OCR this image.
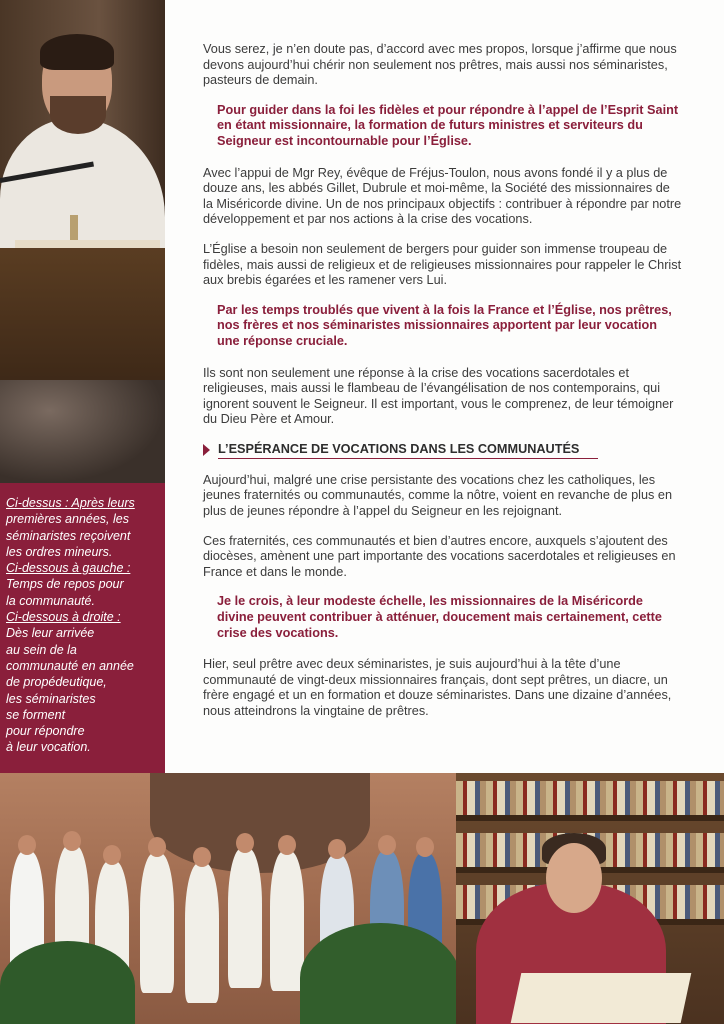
Ci-dessus : Après leurs
premières années, les
séminaristes reçoivent
les ordres mineurs.
Ci-dessous à gauche :
Temps de repos pour
la communauté.
Ci-dessous à droite :
Dès leur arrivée
au sein de la
communauté en année
de propédeutique,
les séminaristes
se forment
pour répondre
à leur vocation.

Vous serez, je n’en doute pas, d’accord avec mes propos, lorsque j’affirme que nous devons aujourd’hui chérir non seulement nos prêtres, mais aussi nos séminaristes, pasteurs de demain.

Pour guider dans la foi les fidèles et pour répondre à l’appel de l’Esprit Saint en étant missionnaire, la formation de futurs ministres et serviteurs du Seigneur est incontournable pour l’Église.

Avec l’appui de Mgr Rey, évêque de Fréjus-Toulon, nous avons fondé il y a plus de douze ans, les abbés Gillet, Dubrule et moi-même, la Société des missionnaires de la Miséricorde divine. Un de nos principaux objectifs : contribuer à répondre par notre développement et par nos actions à la crise des vocations.

L’Église a besoin non seulement de bergers pour guider son immense troupeau de fidèles, mais aussi de religieux et de religieuses missionnaires pour rappeler le Christ aux brebis égarées et les ramener vers Lui.

Par les temps troublés que vivent à la fois la France et l’Église, nos prêtres, nos frères et nos séminaristes missionnaires apportent par leur vocation une réponse cruciale.

Ils sont non seulement une réponse à la crise des vocations sacerdotales et religieuses, mais aussi le flambeau de l’évangélisation de nos contemporains, qui ignorent souvent le Seigneur. Il est important, vous le comprenez, de leur témoigner du Dieu Père et Amour.

L’ESPÉRANCE DE VOCATIONS DANS LES COMMUNAUTÉS

Aujourd’hui, malgré une crise persistante des vocations chez les catholiques, les jeunes fraternités ou communautés, comme la nôtre, voient en revanche de plus en plus de jeunes répondre à l’appel du Seigneur en les rejoignant.

Ces fraternités, ces communautés et bien d’autres encore, auxquels s’ajoutent des diocèses, amènent une part importante des vocations sacerdotales et religieuses en France et dans le monde.

Je le crois, à leur modeste échelle, les missionnaires de la Miséricorde divine peuvent contribuer à atténuer, doucement mais certainement, cette crise des vocations.

Hier, seul prêtre avec deux séminaristes, je suis aujourd’hui à la tête d’une communauté de vingt-deux missionnaires français, dont sept prêtres, un diacre, un frère engagé et un en formation et douze séminaristes. Dans une dizaine d’années, nous atteindrons la vingtaine de prêtres.
